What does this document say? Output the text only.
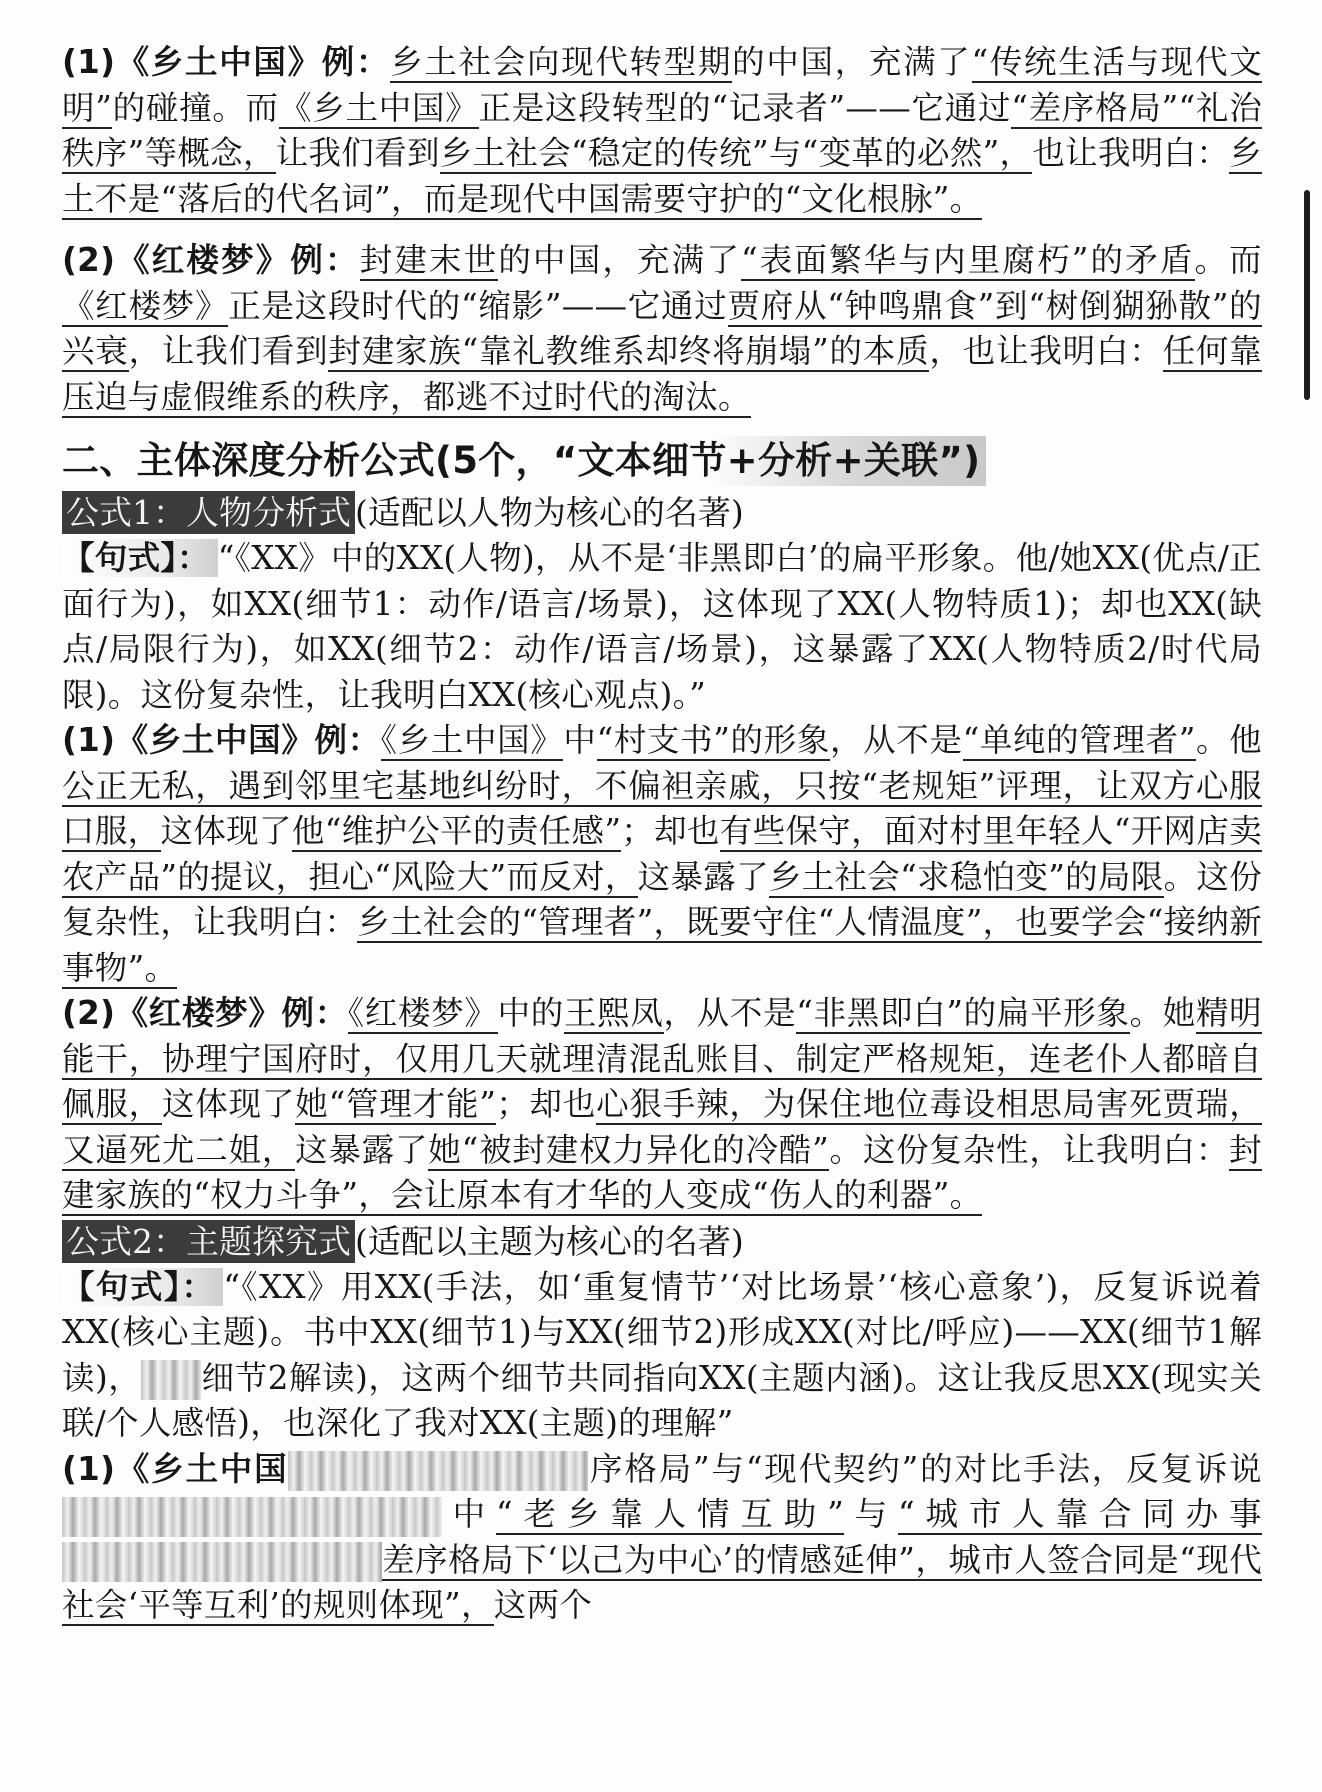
(1)《乡土中国》例：乡土社会向现代转型期的中国，充满了“传统生活与现代文明”的碰撞。而《乡土中国》正是这段转型的“记录者”——它通过“差序格局”“礼治秩序”等概念，让我们看到乡土社会“稳定的传统”与“变革的必然”，也让我明白：乡土不是“落后的代名词”，而是现代中国需要守护的“文化根脉”。

(2)《红楼梦》例：封建末世的中国，充满了“表面繁华与内里腐朽”的矛盾。而《红楼梦》正是这段时代的“缩影”——它通过贾府从“钟鸣鼎食”到“树倒猢狲散”的兴衰，让我们看到封建家族“靠礼教维系却终将崩塌”的本质，也让我明白：任何靠压迫与虚假维系的秩序，都逃不过时代的淘汰。

二、主体深度分析公式(5个，“文本细节+分析+关联”)

公式1：人物分析式 (适配以人物为核心的名著)

【句式】： “《XX》中的XX(人物)，从不是‘非黑即白’的扁平形象。他/她XX(优点/正面行为)，如XX(细节1：动作/语言/场景)，这体现了XX(人物特质1)；却也XX(缺点/局限行为)，如XX(细节2：动作/语言/场景)，这暴露了XX(人物特质2/时代局限)。这份复杂性，让我明白XX(核心观点)。”

(1)《乡土中国》例：《乡土中国》中“村支书”的形象，从不是“单纯的管理者”。他公正无私，遇到邻里宅基地纠纷时，不偏袒亲戚，只按“老规矩”评理，让双方心服口服，这体现了他“维护公平的责任感”；却也有些保守，面对村里年轻人“开网店卖农产品”的提议，担心“风险大”而反对，这暴露了乡土社会“求稳怕变”的局限。这份复杂性，让我明白：乡土社会的“管理者”，既要守住“人情温度”，也要学会“接纳新事物”。

(2)《红楼梦》例：《红楼梦》中的王熙凤，从不是“非黑即白”的扁平形象。她精明能干，协理宁国府时，仅用几天就理清混乱账目、制定严格规矩，连老仆人都暗自佩服，这体现了她“管理才能”；却也心狠手辣，为保住地位毒设相思局害死贾瑞，又逼死尤二姐，这暴露了她“被封建权力异化的冷酷”。这份复杂性，让我明白：封建家族的“权力斗争”，会让原本有才华的人变成“伤人的利器”。

公式2：主题探究式 (适配以主题为核心的名著)

【句式】： “《XX》用XX(手法，如‘重复情节’‘对比场景’‘核心意象’)，反复诉说着XX(核心主题)。书中XX(细节1)与XX(细节2)形成XX(对比/呼应)——XX(细节1解读)， 细节2解读)，这两个细节共同指向XX(主题内涵)。这让我反思XX(现实关联/个人感悟)，也深化了我对XX(主题)的理解”

(1)《乡土中国	序格局”与“现代契约”的对比手法，反复诉说中“老乡靠人情互助”与“城市人靠合同办事差序格局下‘以己为中心’的情感延伸”，城市人签合同是“现代社会‘平等互利’的规则体现”，这两个
